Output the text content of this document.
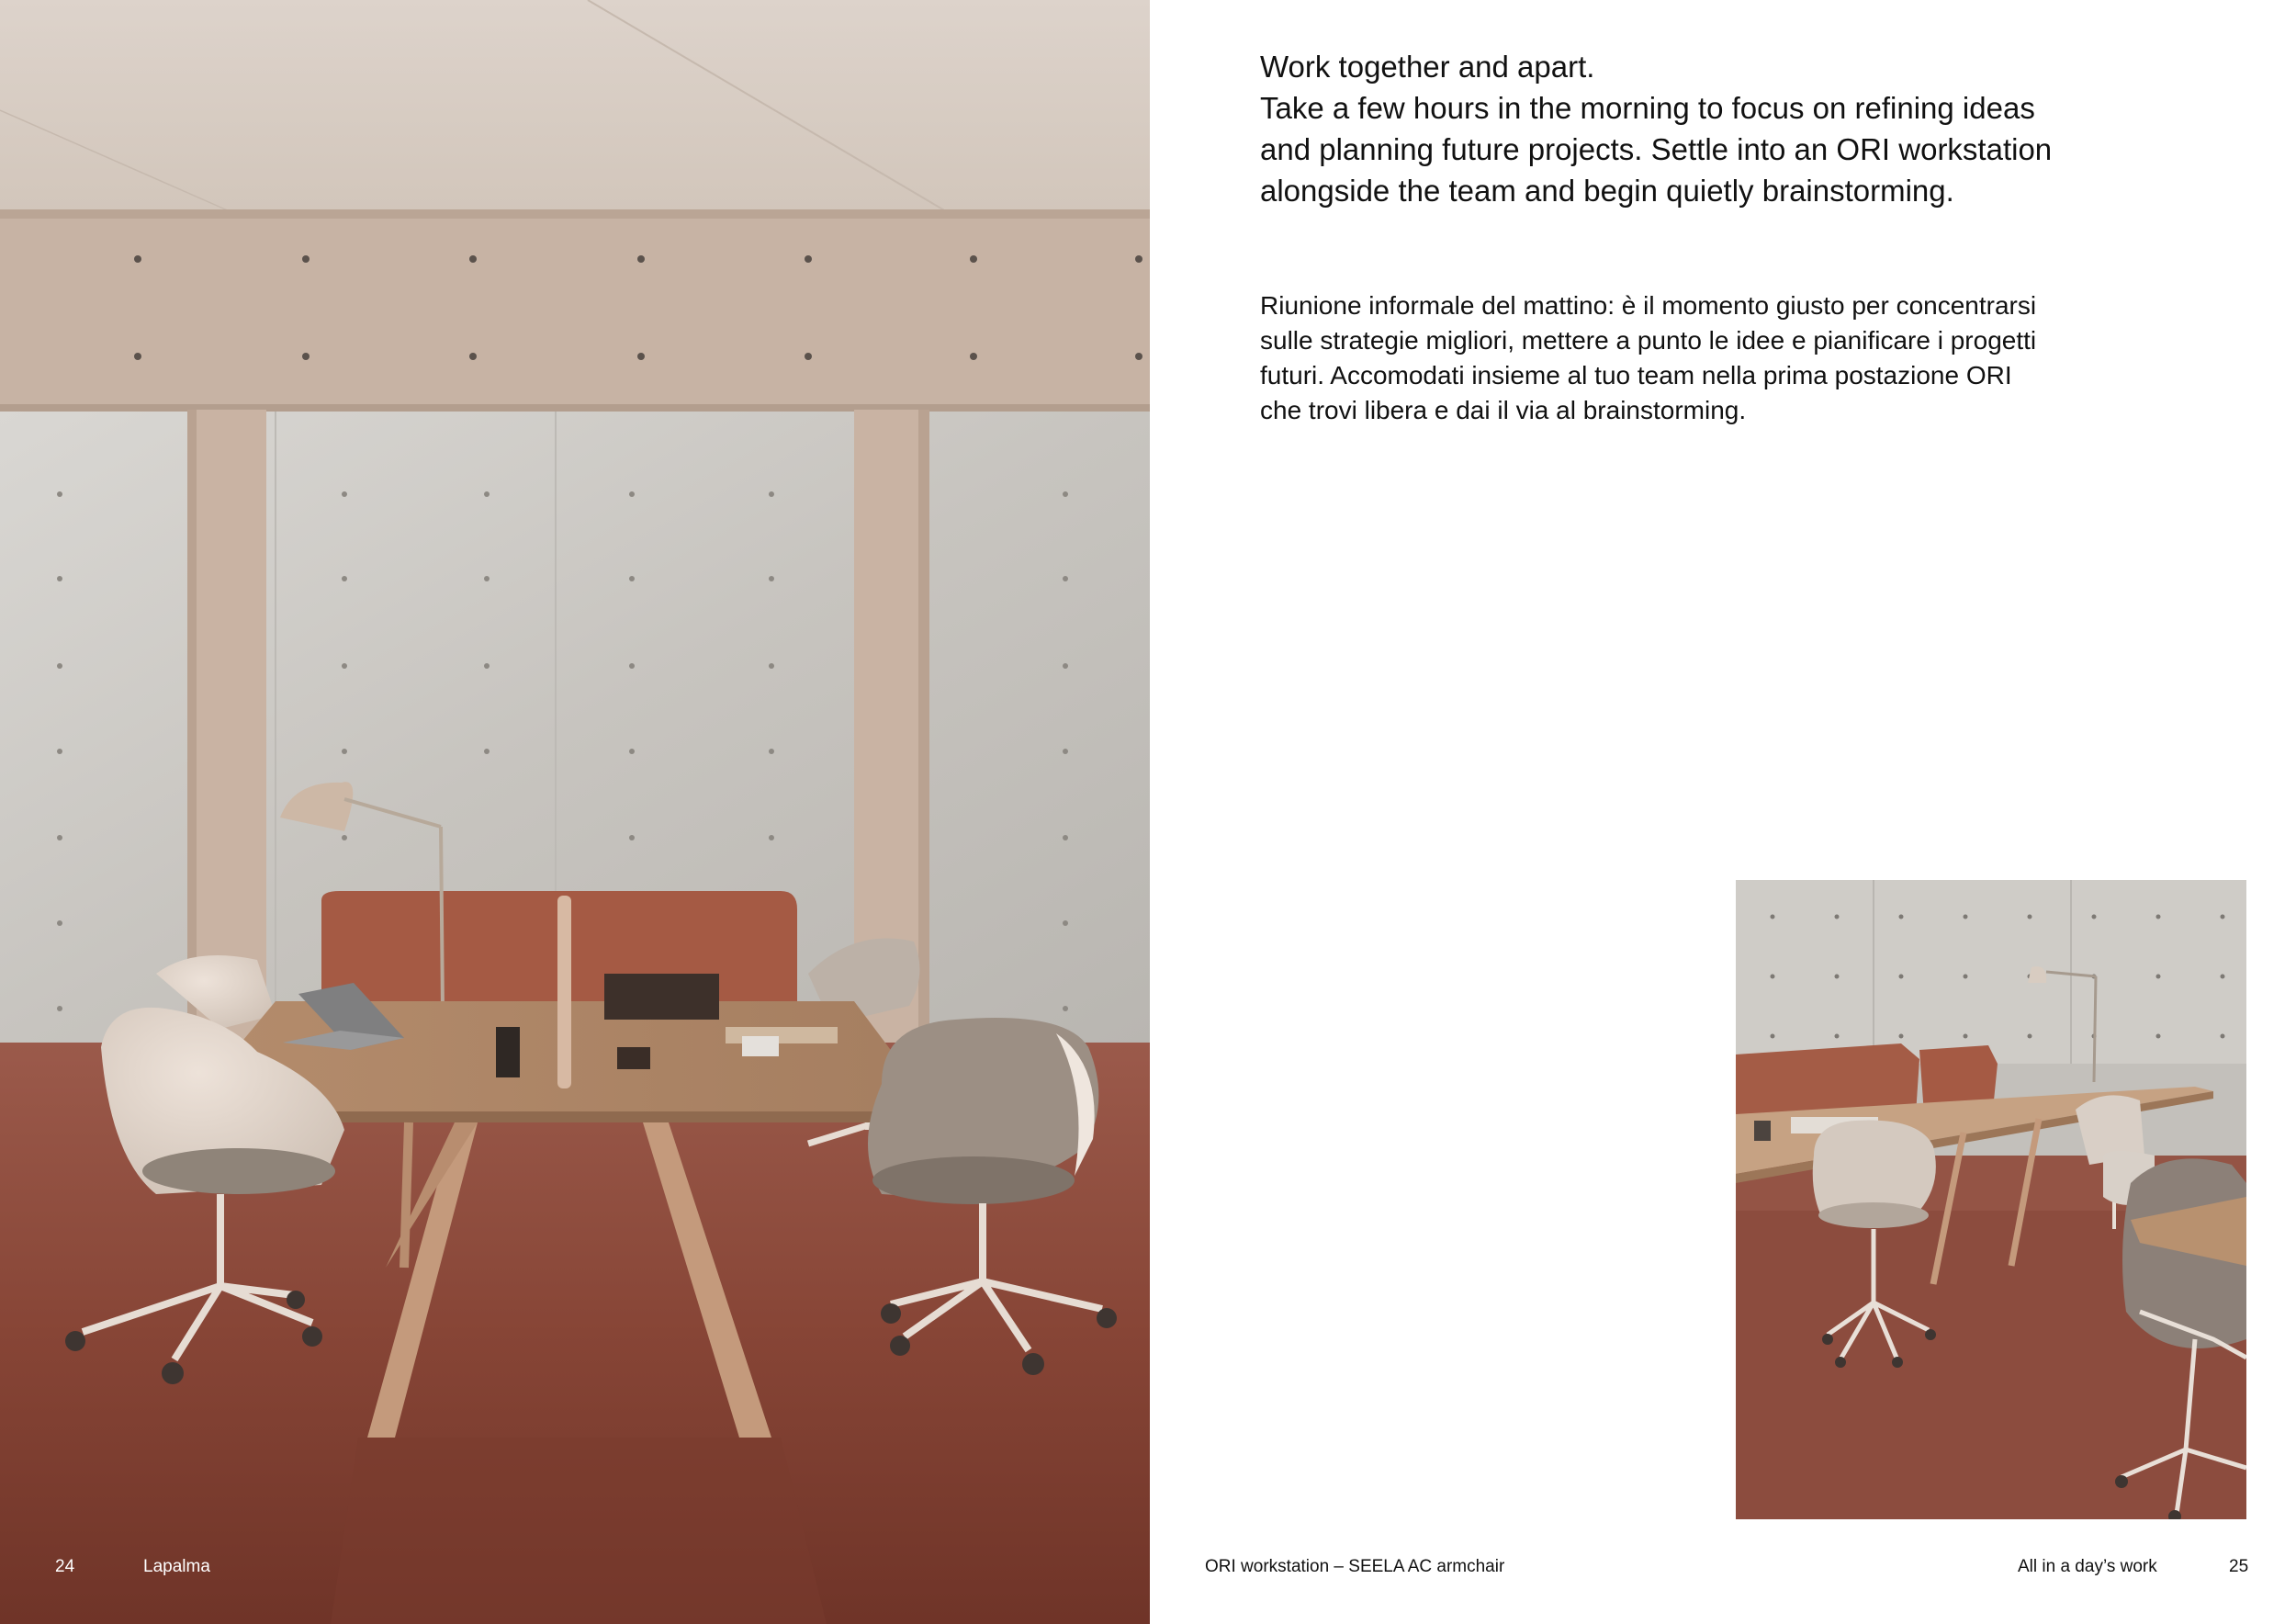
Work together and apart.
Take a few hours in the morning to focus on refining ideas
and planning future projects. Settle into an ORI workstation
alongside the team and begin quietly brainstorming.

Riunione informale del mattino: è il momento giusto per concentrarsi
sulle strategie migliori, mettere a punto le idee e pianificare i progetti
futuri. Accomodati insieme al tuo team nella prima postazione ORI
che trovi libera e dai il via al brainstorming.

24	Lapalma	ORI workstation – SEELA AC armchair	All in a day’s work	25
